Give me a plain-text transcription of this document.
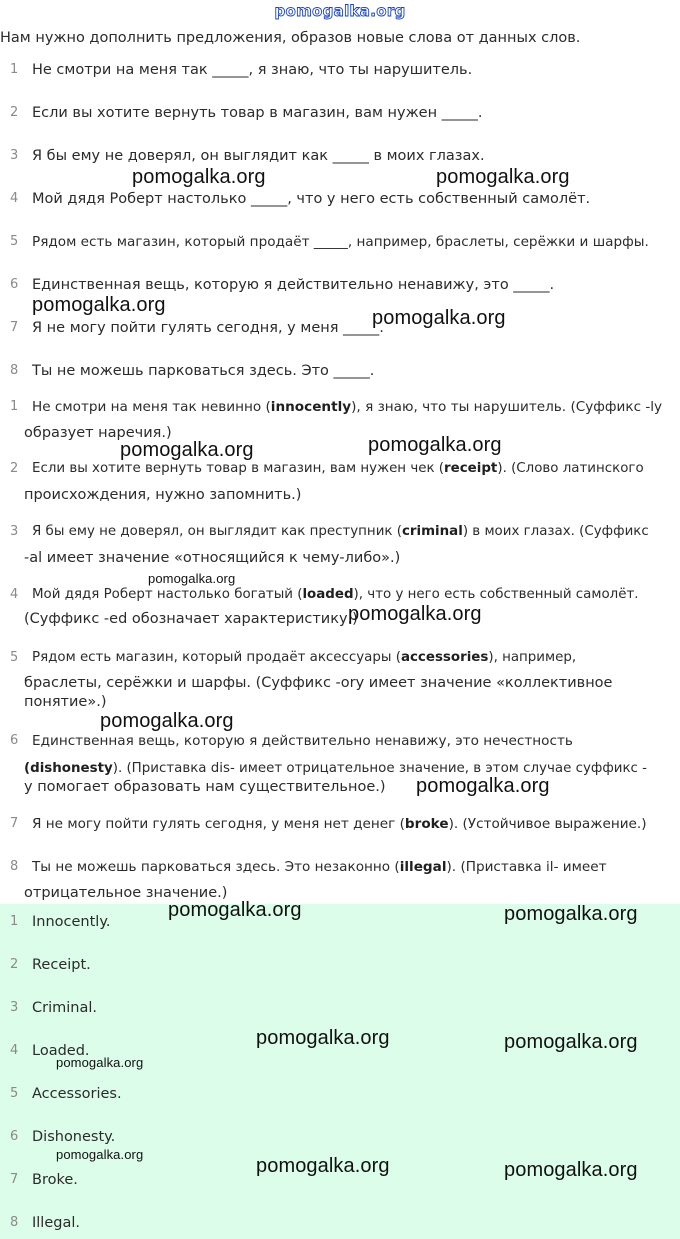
pomogalka.org
Нам нужно дополнить предложения, образов новые слова от данных слов.
1 Не смотри на меня так _____, я знаю, что ты нарушитель.
2 Если вы хотите вернуть товар в магазин, вам нужен _____.
3 Я бы ему не доверял, он выглядит как _____ в моих глазах.
4 Мой дядя Роберт настолько _____, что у него есть собственный самолёт.
5 Рядом есть магазин, который продаёт _____, например, браслеты, серёжки и шарфы.
6 Единственная вещь, которую я действительно ненавижу, это _____.
7 Я не могу пойти гулять сегодня, у меня _____.
8 Ты не можешь парковаться здесь. Это _____.
1 Не смотри на меня так невинно (innocently), я знаю, что ты нарушитель. (Суффикс -ly
образует наречия.)
2 Если вы хотите вернуть товар в магазин, вам нужен чек (receipt). (Слово латинского
происхождения, нужно запомнить.)
3 Я бы ему не доверял, он выглядит как преступник (criminal) в моих глазах. (Суффикс
-al имеет значение «относящийся к чему-либо».)
4 Мой дядя Роберт настолько богатый (loaded), что у него есть собственный самолёт.
(Суффикс -ed обозначает характеристику.)
5 Рядом есть магазин, который продаёт аксессуары (accessories), например,
браслеты, серёжки и шарфы. (Суффикс -ory имеет значение «коллективное
понятие».)
6 Единственная вещь, которую я действительно ненавижу, это нечестность
(dishonesty). (Приставка dis- имеет отрицательное значение, в этом случае суффикс -
y помогает образовать нам существительное.)
7 Я не могу пойти гулять сегодня, у меня нет денег (broke). (Устойчивое выражение.)
8 Ты не можешь парковаться здесь. Это незаконно (illegal). (Приставка il- имеет
отрицательное значение.)
1 Innocently.
2 Receipt.
3 Criminal.
4 Loaded.
5 Accessories.
6 Dishonesty.
7 Broke.
8 Illegal.
pomogalka.org	pomogalka.org
pomogalka.org
pomogalka.org
pomogalka.org	pomogalka.org
pomogalka.org
pomogalka.org
pomogalka.org
pomogalka.org
pomogalka.org	pomogalka.org
pomogalka.org	pomogalka.org
pomogalka.org
pomogalka.org
pomogalka.org	pomogalka.org
